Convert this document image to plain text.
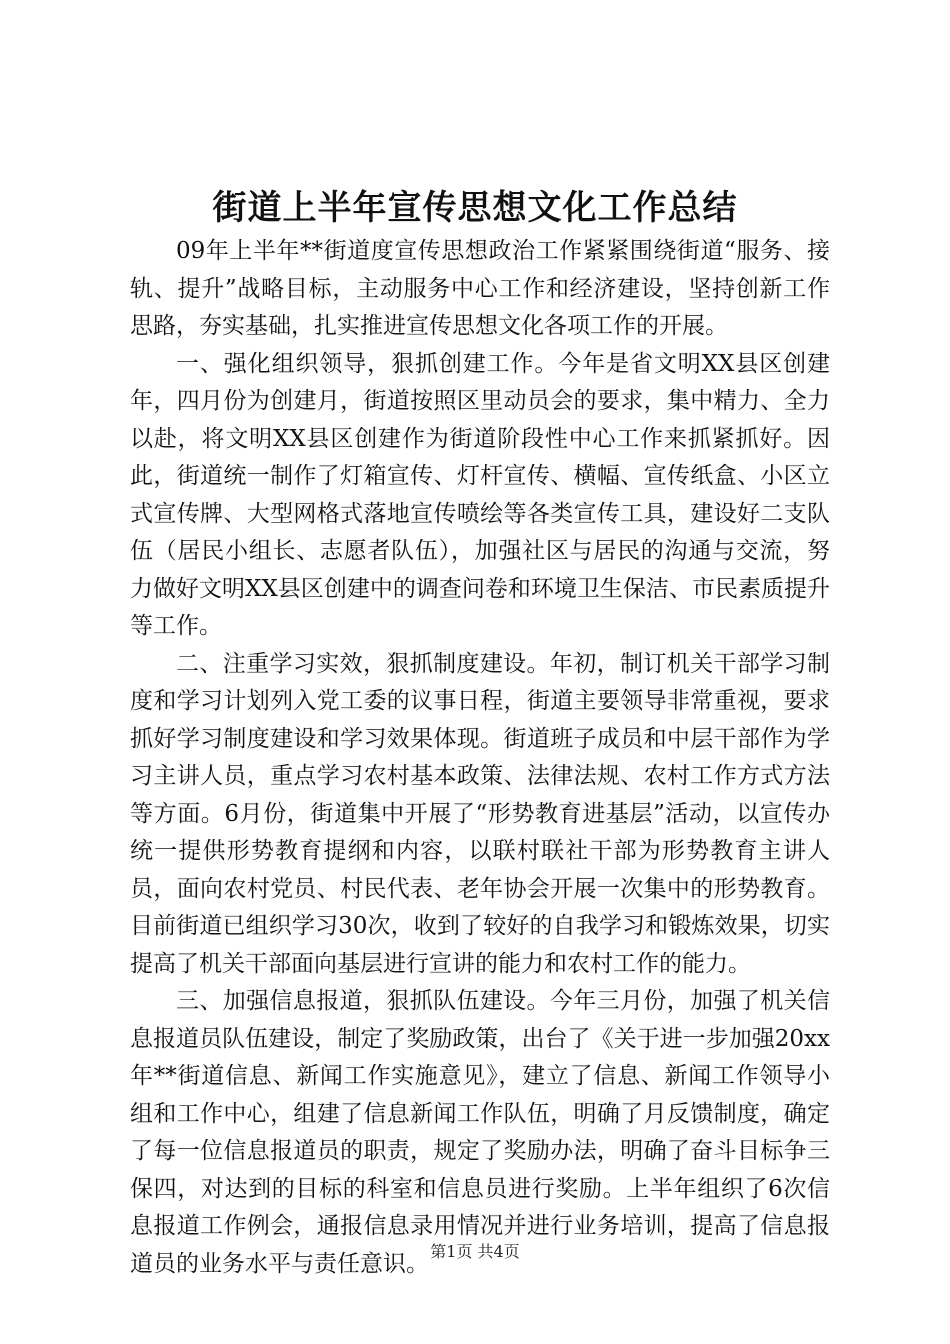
街道上半年宣传思想文化工作总结

09年上半年**街道度宣传思想政治工作紧紧围绕街道“服务、接轨、提升”战略目标，主动服务中心工作和经济建设，坚持创新工作思路，夯实基础，扎实推进宣传思想文化各项工作的开展。

一、强化组织领导，狠抓创建工作。今年是省文明XX县区创建年，四月份为创建月，街道按照区里动员会的要求，集中精力、全力以赴，将文明XX县区创建作为街道阶段性中心工作来抓紧抓好。因此，街道统一制作了灯箱宣传、灯杆宣传、横幅、宣传纸盒、小区立式宣传牌、大型网格式落地宣传喷绘等各类宣传工具，建设好二支队伍（居民小组长、志愿者队伍），加强社区与居民的沟通与交流，努力做好文明XX县区创建中的调查问卷和环境卫生保洁、市民素质提升等工作。

二、注重学习实效，狠抓制度建设。年初，制订机关干部学习制度和学习计划列入党工委的议事日程，街道主要领导非常重视，要求抓好学习制度建设和学习效果体现。街道班子成员和中层干部作为学习主讲人员，重点学习农村基本政策、法律法规、农村工作方式方法等方面。6月份，街道集中开展了“形势教育进基层”活动，以宣传办统一提供形势教育提纲和内容，以联村联社干部为形势教育主讲人员，面向农村党员、村民代表、老年协会开展一次集中的形势教育。目前街道已组织学习30次，收到了较好的自我学习和锻炼效果，切实提高了机关干部面向基层进行宣讲的能力和农村工作的能力。

三、加强信息报道，狠抓队伍建设。今年三月份，加强了机关信息报道员队伍建设，制定了奖励政策，出台了《关于进一步加强20xx年**街道信息、新闻工作实施意见》，建立了信息、新闻工作领导小组和工作中心，组建了信息新闻工作队伍，明确了月反馈制度，确定了每一位信息报道员的职责，规定了奖励办法，明确了奋斗目标争三保四，对达到的目标的科室和信息员进行奖励。上半年组织了6次信息报道工作例会，通报信息录用情况并进行业务培训，提高了信息报道员的业务水平与责任意识。 第1页 共4页
